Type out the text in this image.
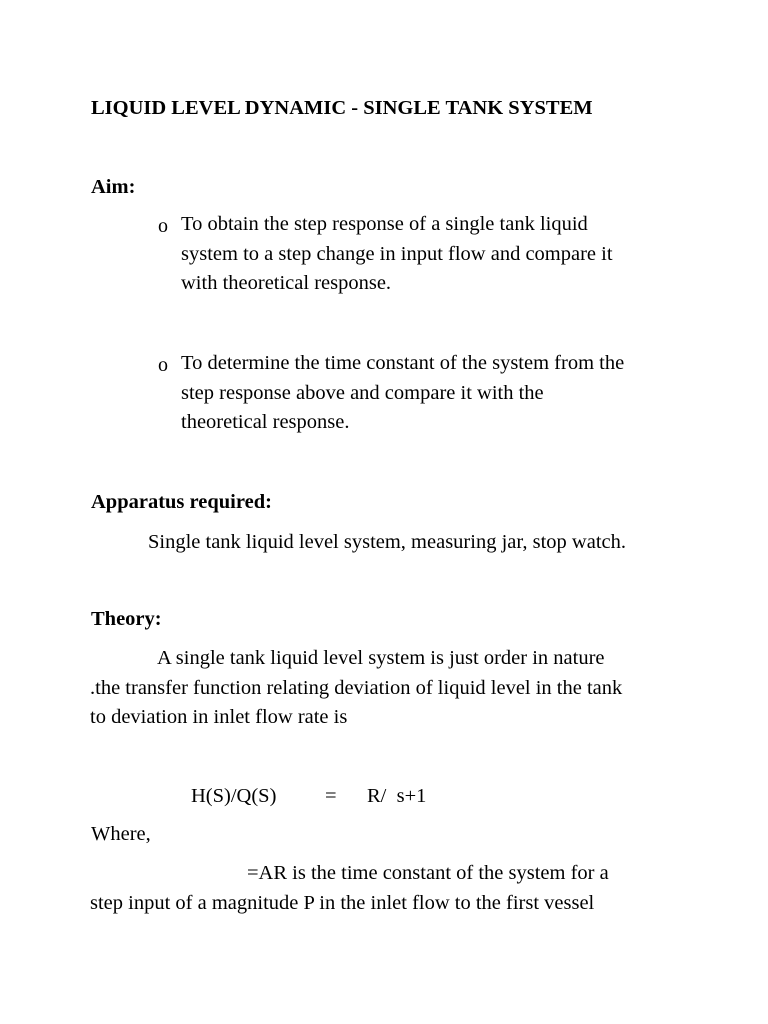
LIQUID LEVEL DYNAMIC - SINGLE TANK SYSTEM
Aim:
o To obtain the step response of a single tank liquid
system to a step change in input flow and compare it
with theoretical response.
o To determine the time constant of the system from the
step response above and compare it with the
theoretical response.
Apparatus required:
Single tank liquid level system, measuring jar, stop watch.
Theory:
A single tank liquid level system is just order in nature
.the transfer function relating deviation of liquid level in the tank
to deviation in inlet flow rate is
H(S)/Q(S) = R/  s+1
Where,
=AR is the time constant of the system for a
step input of a magnitude P in the inlet flow to the first vessel
